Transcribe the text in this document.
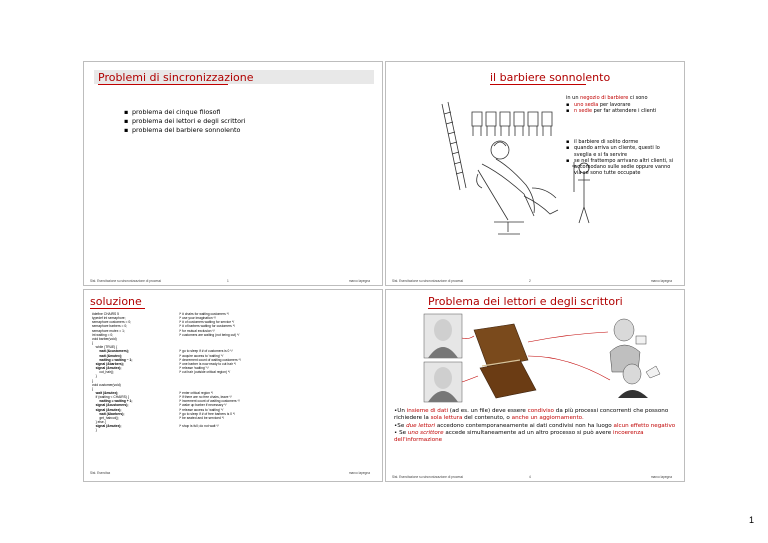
Problemi di sincronizzazione
▪ problema dei cinque filosofi
▪ problema dei lettori e degli scrittori
▪ problema del barbiere sonnolento
Sist. Esercitazione su sincronizzazione di processi	1	marco lapegna
il barbiere sonnolento
in un negozio di barbiere ci sono
▪ uno sedia per lavorare
▪ n sedie per far attendere i clienti
▪ il barbiere di solito dorme
▪ quando arriva un cliente, questi lo sveglia e si fa servire
▪ se nel frattempo arrivano altri clienti, si accomodano sulle sedie oppure vanno via se sono tutte occupate
Sist. Esercitazione su sincronizzazione di processi	2	marco lapegna
soluzione
#define CHAIRS 5	/* # chairs for waiting customers */
typedef int semaphore;	/* use your imagination */
semaphore customers = 0;	/* # of customers waiting for service */
semaphore barbers = 0;	/* # of barbers waiting for customers */
semaphore mutex = 1;	/* for mutual exclusion */
int waiting = 0;	/* customers are waiting (not being cut) */
void barber(void)
{
while (TRUE) {
wait (&customers);	/* go to sleep if # of customers is 0 */
wait (&mutex);	/* acquire access to 'waiting' */
waiting = waiting − 1;	/* decrement count of waiting customers */
signal (&barbers);	/* one barber is now ready to cut hair */
signal (&mutex);	/* release 'waiting' */
cut_hair();	/* cut hair (outside critical region) */
}
}
void customer(void)
{
wait (&mutex);	/* enter critical region */
if (waiting < CHAIRS) {	/* if there are no free chairs, leave */
waiting = waiting + 1;	/* increment count of waiting customers */
signal (&customers);	/* wake up barber if necessary */
signal (&mutex);	/* release access to 'waiting' */
wait (&barbers);	/* go to sleep if # of free barbers is 0 */
get_haircut();	/* be seated and be serviced */
} else {
signal (&mutex);	/* shop is full; do not wait */
}
Sist. Esercitaz	marco lapegna
Problema dei lettori e degli scrittori
•Un insieme di dati (ad es. un file) deve essere condiviso da più processi concorrenti che possono richiedere la sola lettura del contenuto, o anche un aggiornamento.
•Se due lettori accedono contemporaneamente ai dati condivisi non ha luogo alcun effetto negativo
• Se uno scrittore accede simultaneamente ad un altro processo si può avere incoerenza dell'informazione
Sist. Esercitazione su sincronizzazione di processi	4	marco lapegna
1
